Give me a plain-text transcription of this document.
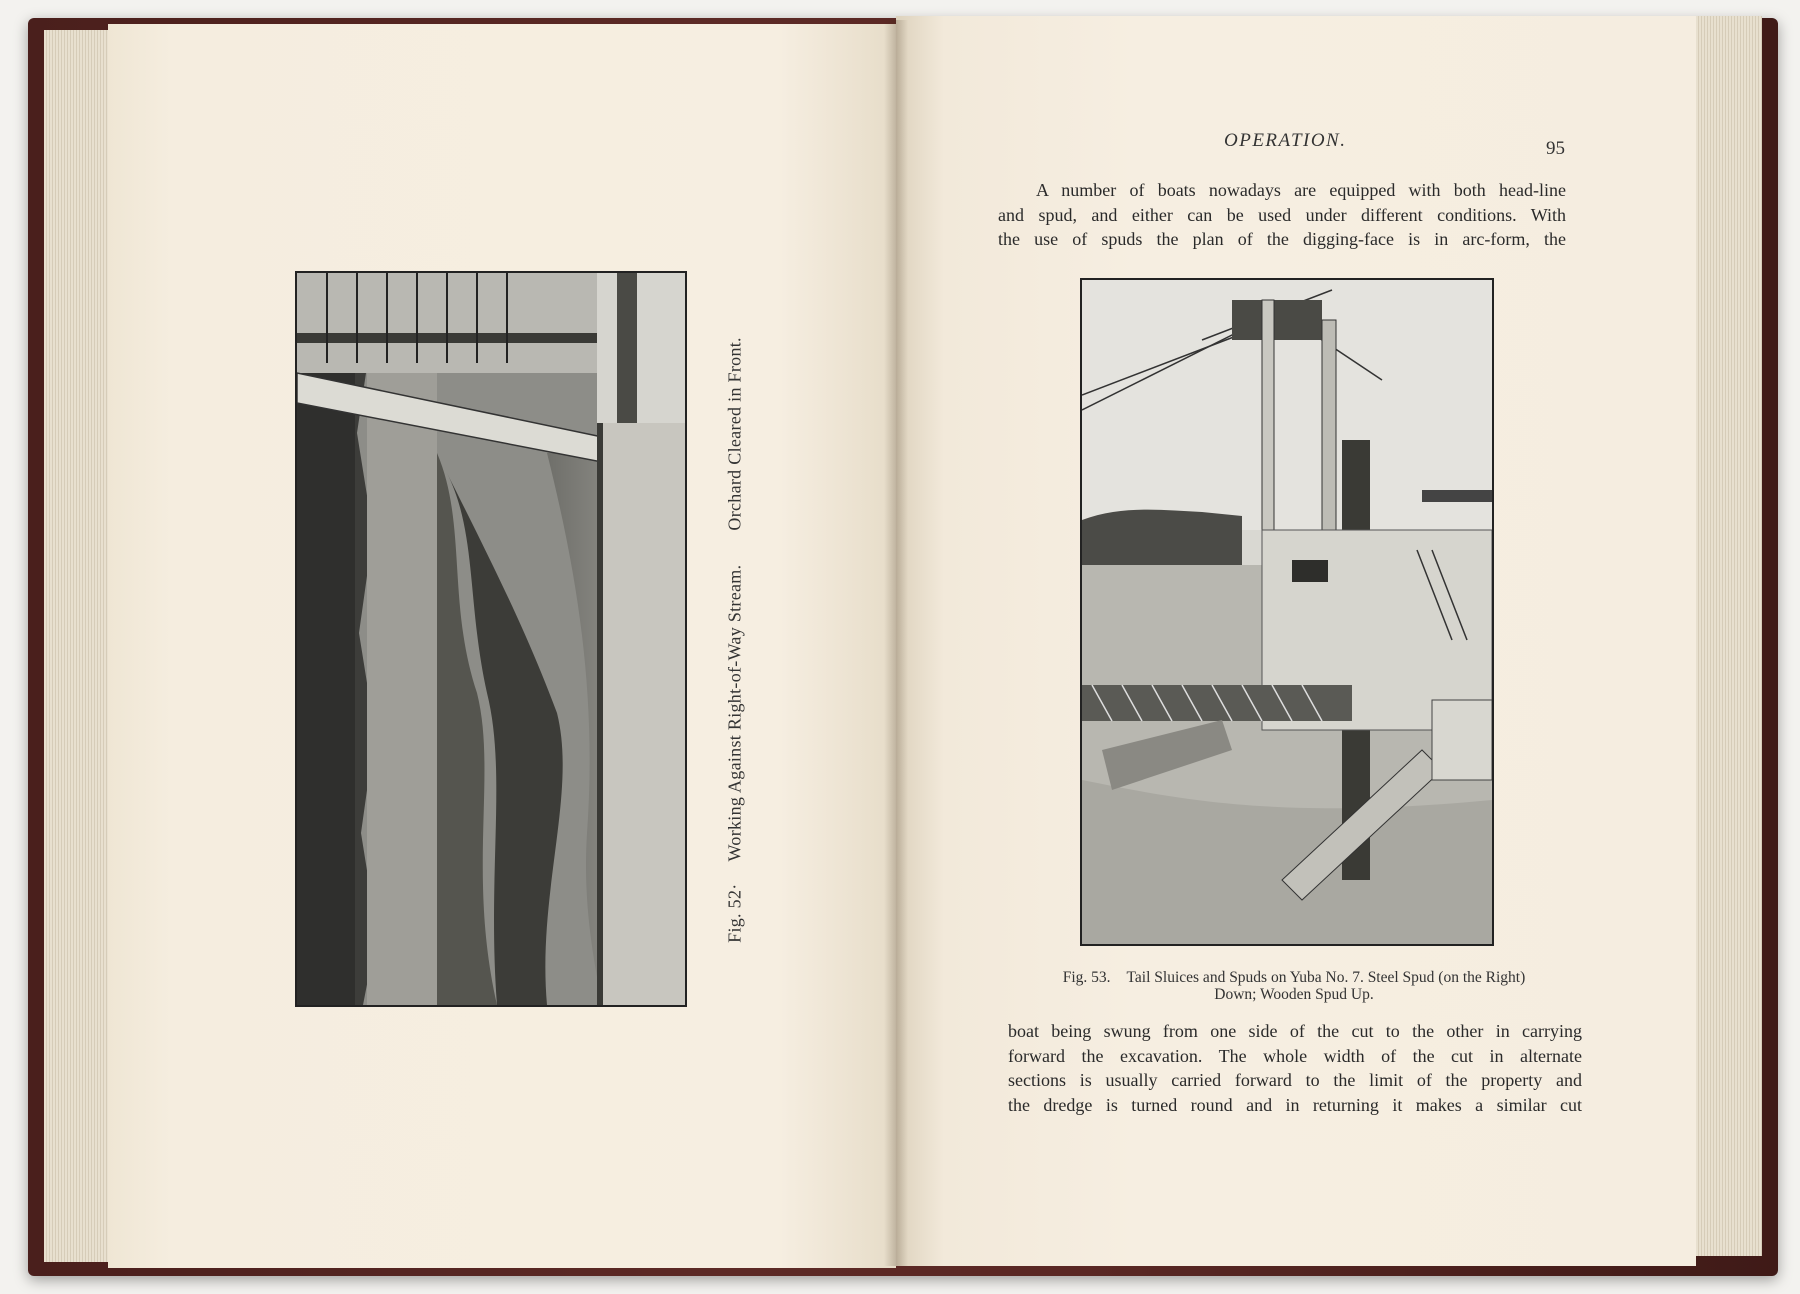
Fig. 52·Working Against Right-of-Way Stream.Orchard Cleared in Front.
OPERATION.	95
A number of boats nowadays are equipped with both head-line
and spud, and either can be used under different conditions. With
the use of spuds the plan of the digging-face is in arc-form, the
Fig. 53. Tail Sluices and Spuds on Yuba No. 7. Steel Spud (on the Right)
Down; Wooden Spud Up.
boat being swung from one side of the cut to the other in carrying
forward the excavation. The whole width of the cut in alternate
sections is usually carried forward to the limit of the property and
the dredge is turned round and in returning it makes a similar cut
